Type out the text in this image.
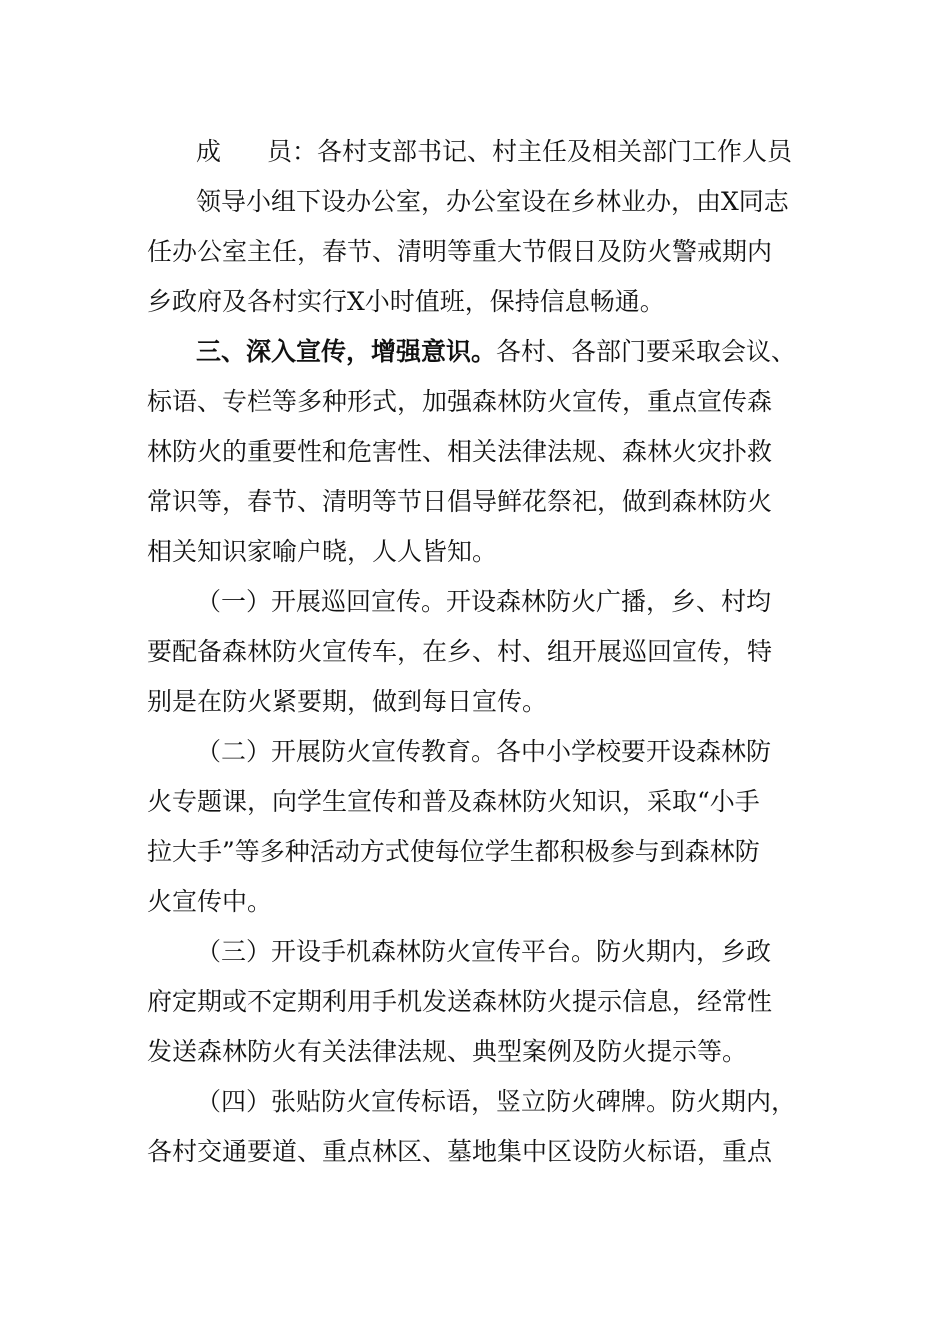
成 员：各村支部书记、村主任及相关部门工作人员
领导小组下设办公室，办公室设在乡林业办，由X同志
任办公室主任，春节、清明等重大节假日及防火警戒期内
乡政府及各村实行X小时值班，保持信息畅通。
三、深入宣传，增强意识。各村、各部门要采取会议、
标语、专栏等多种形式，加强森林防火宣传，重点宣传森
林防火的重要性和危害性、相关法律法规、森林火灾扑救
常识等，春节、清明等节日倡导鲜花祭祀，做到森林防火
相关知识家喻户晓，人人皆知。
（一）开展巡回宣传。开设森林防火广播，乡、村均
要配备森林防火宣传车，在乡、村、组开展巡回宣传，特
别是在防火紧要期，做到每日宣传。
（二）开展防火宣传教育。各中小学校要开设森林防
火专题课，向学生宣传和普及森林防火知识，采取“小手
拉大手”等多种活动方式使每位学生都积极参与到森林防
火宣传中。
（三）开设手机森林防火宣传平台。防火期内，乡政
府定期或不定期利用手机发送森林防火提示信息，经常性
发送森林防火有关法律法规、典型案例及防火提示等。
（四）张贴防火宣传标语，竖立防火碑牌。防火期内，
各村交通要道、重点林区、墓地集中区设防火标语，重点
